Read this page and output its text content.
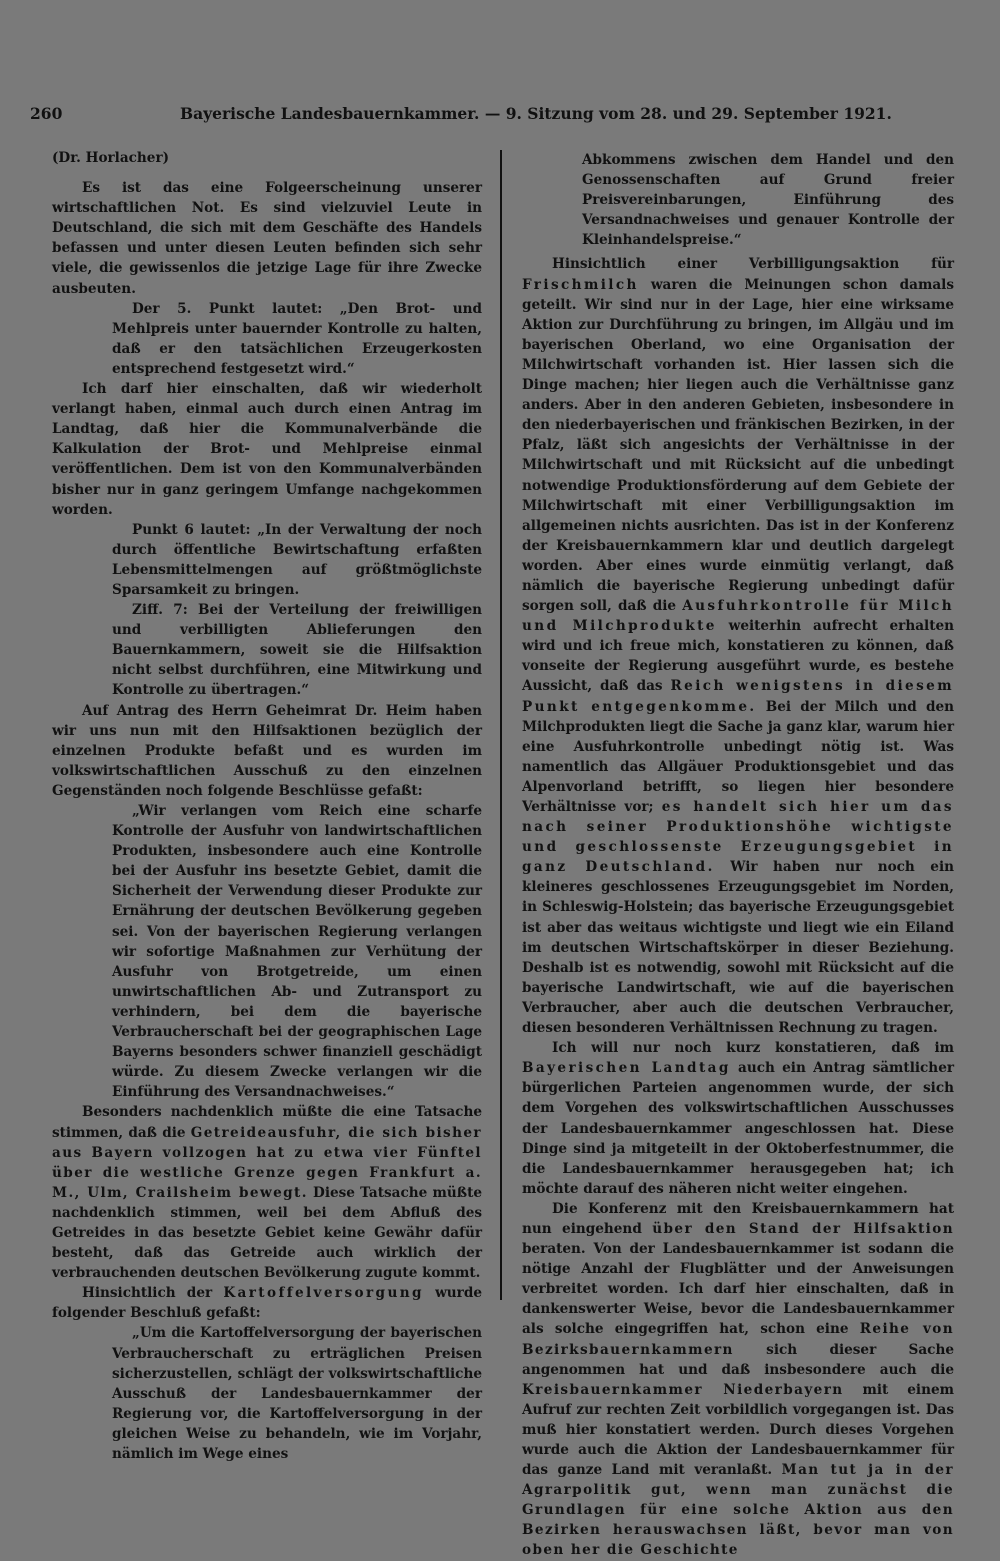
260	Bayerische Landesbauernkammer. — 9. Sitzung vom 28. und 29. September 1921.

(Dr. Horlacher)

Es ist das eine Folgeerscheinung unserer wirtschaftlichen Not. Es sind vielzuviel Leute in Deutschland, die sich mit dem Geschäfte des Handels befassen und unter diesen Leuten befinden sich sehr viele, die gewissenlos die jetzige Lage für ihre Zwecke ausbeuten.

Der 5. Punkt lautet: „Den Brot- und Mehlpreis unter bauernder Kontrolle zu halten, daß er den tatsächlichen Erzeugerkosten entsprechend festgesetzt wird.“

Ich darf hier einschalten, daß wir wiederholt verlangt haben, einmal auch durch einen Antrag im Landtag, daß hier die Kommunalverbände die Kalkulation der Brot- und Mehlpreise einmal veröffentlichen. Dem ist von den Kommunalverbänden bisher nur in ganz geringem Umfange nachgekommen worden.

Punkt 6 lautet: „In der Verwaltung der noch durch öffentliche Bewirtschaftung erfaßten Lebensmittelmengen auf größtmöglichste Sparsamkeit zu bringen.

Ziff. 7: Bei der Verteilung der freiwilligen und verbilligten Ablieferungen den Bauernkammern, soweit sie die Hilfsaktion nicht selbst durchführen, eine Mitwirkung und Kontrolle zu übertragen.“

Auf Antrag des Herrn Geheimrat Dr. Heim haben wir uns nun mit den Hilfsaktionen bezüglich der einzelnen Produkte befaßt und es wurden im volkswirtschaftlichen Ausschuß zu den einzelnen Gegenständen noch folgende Beschlüsse gefaßt:

„Wir verlangen vom Reich eine scharfe Kontrolle der Ausfuhr von landwirtschaftlichen Produkten, insbesondere auch eine Kontrolle bei der Ausfuhr ins besetzte Gebiet, damit die Sicherheit der Verwendung dieser Produkte zur Ernährung der deutschen Bevölkerung gegeben sei. Von der bayerischen Regierung verlangen wir sofortige Maßnahmen zur Verhütung der Ausfuhr von Brotgetreide, um einen unwirtschaftlichen Ab- und Zutransport zu verhindern, bei dem die bayerische Verbraucherschaft bei der geographischen Lage Bayerns besonders schwer finanziell geschädigt würde. Zu diesem Zwecke verlangen wir die Einführung des Versandnachweises.“

Besonders nachdenklich müßte die eine Tatsache stimmen, daß die Getreideausfuhr, die sich bisher aus Bayern vollzogen hat zu etwa vier Fünftel über die westliche Grenze gegen Frankfurt a. M., Ulm, Crailsheim bewegt. Diese Tatsache müßte nachdenklich stimmen, weil bei dem Abfluß des Getreides in das besetzte Gebiet keine Gewähr dafür besteht, daß das Getreide auch wirklich der verbrauchenden deutschen Bevölkerung zugute kommt.

Hinsichtlich der Kartoffelversorgung wurde folgender Beschluß gefaßt:

„Um die Kartoffelversorgung der bayerischen Verbraucherschaft zu erträglichen Preisen sicherzustellen, schlägt der volkswirtschaftliche Ausschuß der Landesbauernkammer der Regierung vor, die Kartoffelversorgung in der gleichen Weise zu behandeln, wie im Vorjahr, nämlich im Wege eines

Abkommens zwischen dem Handel und den Genossenschaften auf Grund freier Preisvereinbarungen, Einführung des Versandnachweises und genauer Kontrolle der Kleinhandelspreise.“

Hinsichtlich einer Verbilligungsaktion für Frischmilch waren die Meinungen schon damals geteilt. Wir sind nur in der Lage, hier eine wirksame Aktion zur Durchführung zu bringen, im Allgäu und im bayerischen Oberland, wo eine Organisation der Milchwirtschaft vorhanden ist. Hier lassen sich die Dinge machen; hier liegen auch die Verhältnisse ganz anders. Aber in den anderen Gebieten, insbesondere in den niederbayerischen und fränkischen Bezirken, in der Pfalz, läßt sich angesichts der Verhältnisse in der Milchwirtschaft und mit Rücksicht auf die unbedingt notwendige Produktionsförderung auf dem Gebiete der Milchwirtschaft mit einer Verbilligungsaktion im allgemeinen nichts ausrichten. Das ist in der Konferenz der Kreisbauernkammern klar und deutlich dargelegt worden. Aber eines wurde einmütig verlangt, daß nämlich die bayerische Regierung unbedingt dafür sorgen soll, daß die Ausfuhrkontrolle für Milch und Milchprodukte weiterhin aufrecht erhalten wird und ich freue mich, konstatieren zu können, daß vonseite der Regierung ausgeführt wurde, es bestehe Aussicht, daß das Reich wenigstens in diesem Punkt entgegenkomme. Bei der Milch und den Milchprodukten liegt die Sache ja ganz klar, warum hier eine Ausfuhrkontrolle unbedingt nötig ist. Was namentlich das Allgäuer Produktionsgebiet und das Alpenvorland betrifft, so liegen hier besondere Verhältnisse vor; es handelt sich hier um das nach seiner Produktionshöhe wichtigste und geschlossenste Erzeugungsgebiet in ganz Deutschland. Wir haben nur noch ein kleineres geschlossenes Erzeugungsgebiet im Norden, in Schleswig-Holstein; das bayerische Erzeugungsgebiet ist aber das weitaus wichtigste und liegt wie ein Eiland im deutschen Wirtschaftskörper in dieser Beziehung. Deshalb ist es notwendig, sowohl mit Rücksicht auf die bayerische Landwirtschaft, wie auf die bayerischen Verbraucher, aber auch die deutschen Verbraucher, diesen besonderen Verhältnissen Rechnung zu tragen.

Ich will nur noch kurz konstatieren, daß im Bayerischen Landtag auch ein Antrag sämtlicher bürgerlichen Parteien angenommen wurde, der sich dem Vorgehen des volkswirtschaftlichen Ausschusses der Landesbauernkammer angeschlossen hat. Diese Dinge sind ja mitgeteilt in der Oktoberfestnummer, die die Landesbauernkammer herausgegeben hat; ich möchte darauf des näheren nicht weiter eingehen.

Die Konferenz mit den Kreisbauernkammern hat nun eingehend über den Stand der Hilfsaktion beraten. Von der Landesbauernkammer ist sodann die nötige Anzahl der Flugblätter und der Anweisungen verbreitet worden. Ich darf hier einschalten, daß in dankenswerter Weise, bevor die Landesbauernkammer als solche eingegriffen hat, schon eine Reihe von Bezirksbauernkammern sich dieser Sache angenommen hat und daß insbesondere auch die Kreisbauernkammer Niederbayern mit einem Aufruf zur rechten Zeit vorbildlich vorgegangen ist. Das muß hier konstatiert werden. Durch dieses Vorgehen wurde auch die Aktion der Landesbauernkammer für das ganze Land mit veranlaßt. Man tut ja in der Agrarpolitik gut, wenn man zunächst die Grundlagen für eine solche Aktion aus den Bezirken herauswachsen läßt, bevor man von oben her die Geschichte
